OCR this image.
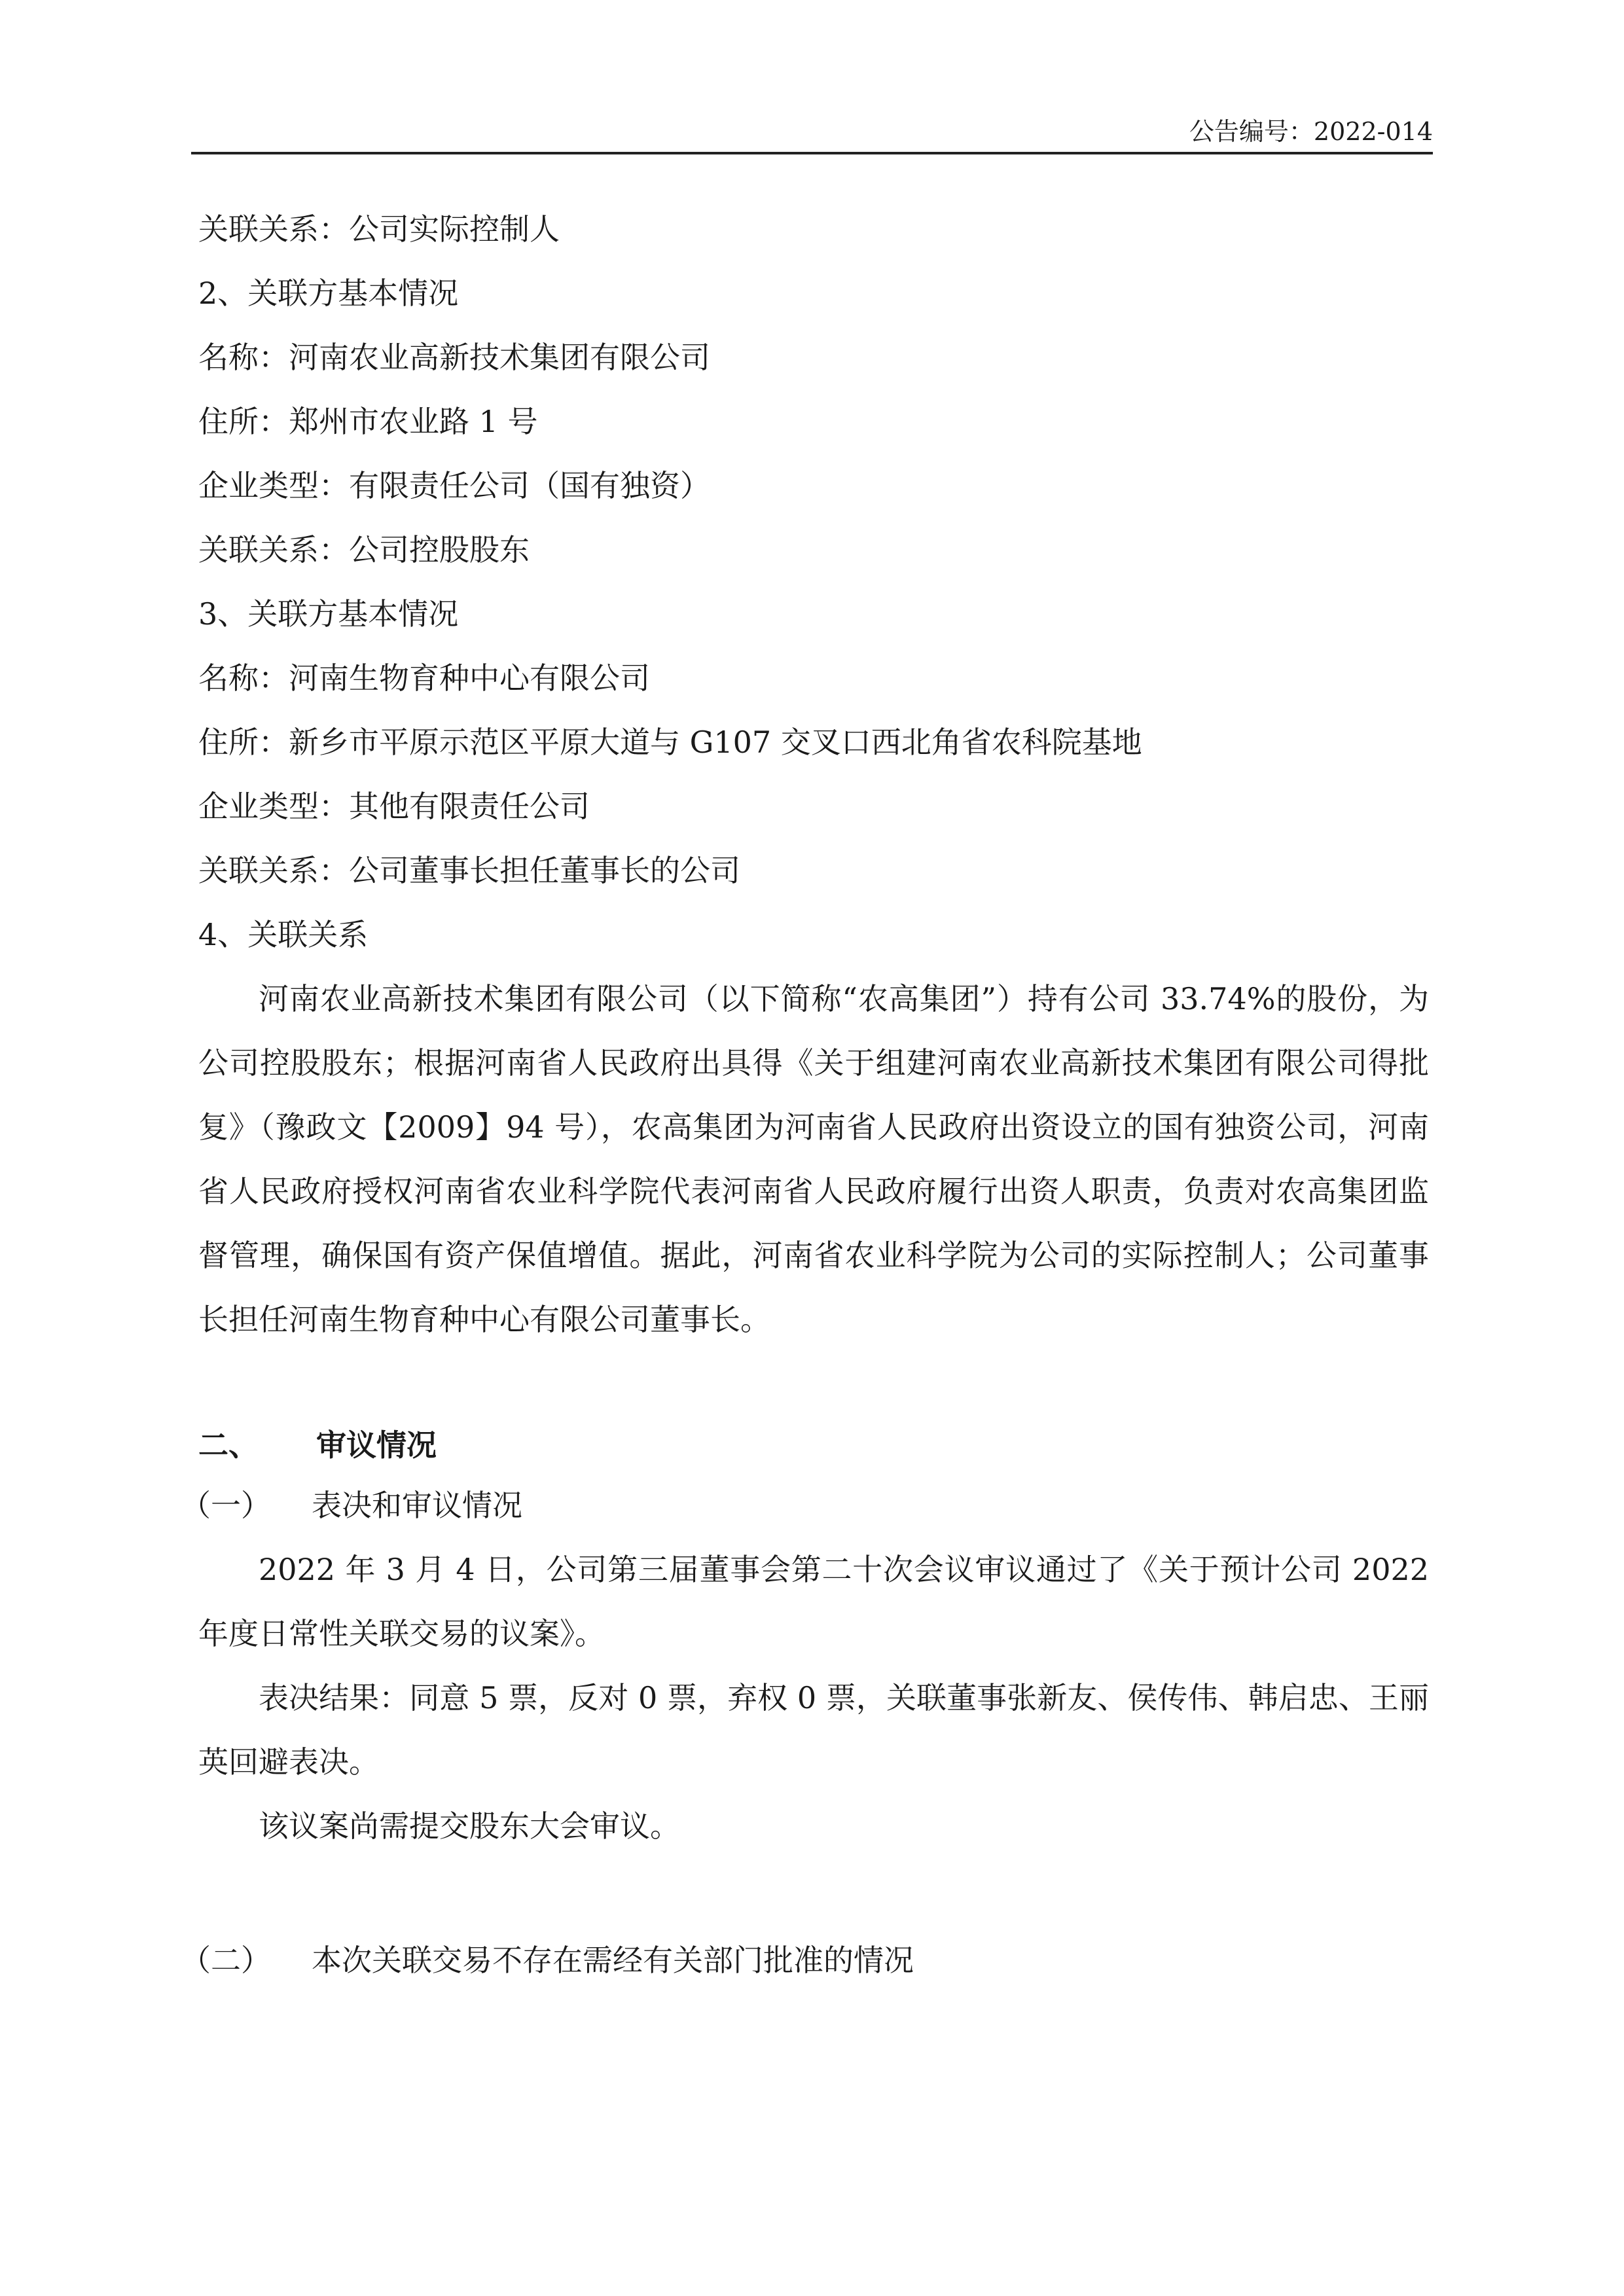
公告编号：2022-014
关联关系：公司实际控制人
2、关联方基本情况
名称：河南农业高新技术集团有限公司
住所：郑州市农业路 1 号
企业类型：有限责任公司（国有独资）
关联关系：公司控股股东
3、关联方基本情况
名称：河南生物育种中心有限公司
住所：新乡市平原示范区平原大道与 G107 交叉口西北角省农科院基地
企业类型：其他有限责任公司
关联关系：公司董事长担任董事长的公司
4、关联关系
河南农业高新技术集团有限公司（以下简称“农高集团”）持有公司 33.74%的股份，为公司控股股东；根据河南省人民政府出具得《关于组建河南农业高新技术集团有限公司得批复》（豫政文【2009】94 号），农高集团为河南省人民政府出资设立的国有独资公司，河南省人民政府授权河南省农业科学院代表河南省人民政府履行出资人职责，负责对农高集团监督管理，确保国有资产保值增值。据此，河南省农业科学院为公司的实际控制人；公司董事长担任河南生物育种中心有限公司董事长。
二、 审议情况
（一） 表决和审议情况
2022 年 3 月 4 日，公司第三届董事会第二十次会议审议通过了《关于预计公司 2022 年度日常性关联交易的议案》。
表决结果：同意 5 票，反对 0 票，弃权 0 票，关联董事张新友、侯传伟、韩启忠、王丽英回避表决。
该议案尚需提交股东大会审议。
（二） 本次关联交易不存在需经有关部门批准的情况
